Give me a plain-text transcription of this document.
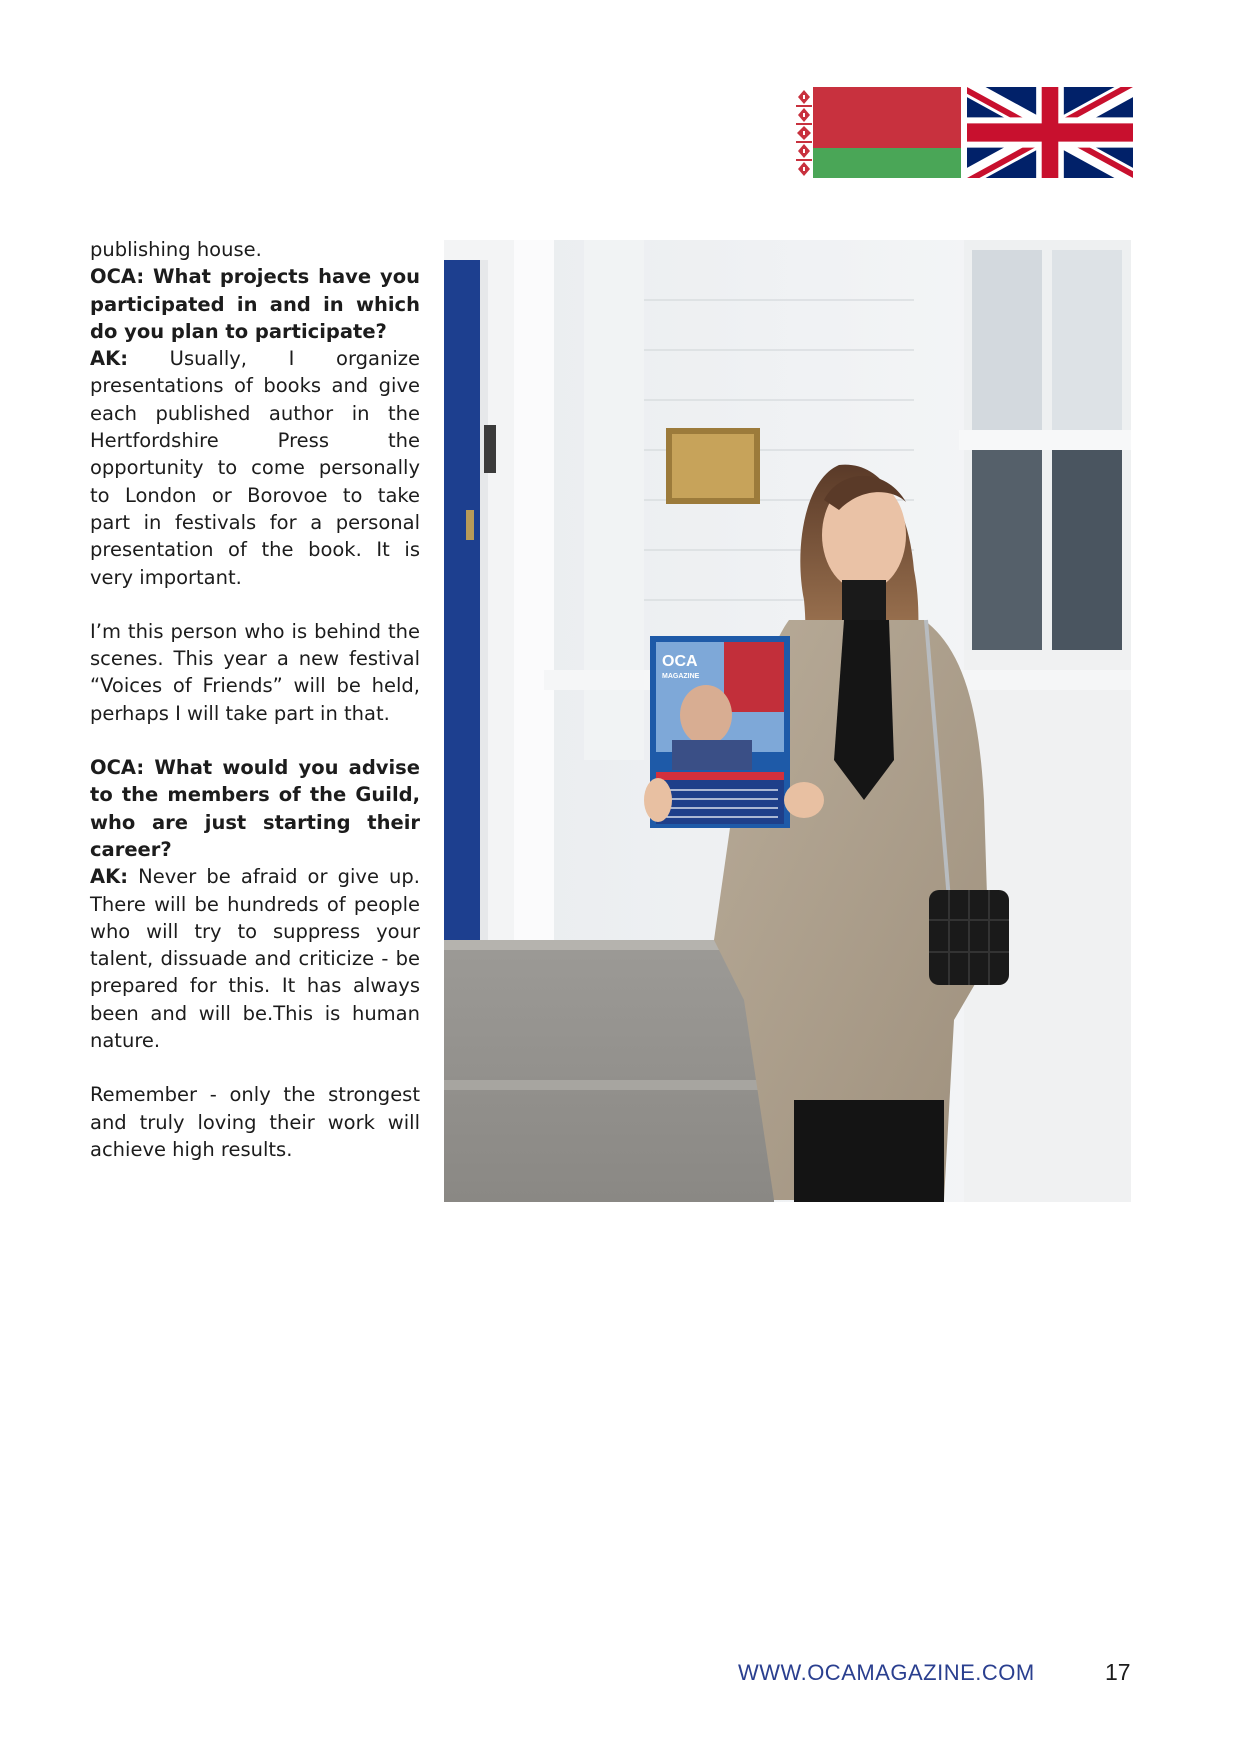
publishing house.

OCA: What projects have you participated in and in which do you plan to participate?

AK: Usually, I organize presentations of books and give each published author in the Hertfordshire Press the opportunity to come personally to London or Borovoe to take part in festivals for a personal presentation of the book. It is very important.

I’m this person who is behind the scenes. This year a new festival “Voices of Friends” will be held, perhaps I will take part in that.

OCA: What would you advise to the members of the Guild, who are just starting their career?

AK: Never be afraid or give up. There will be hundreds of people who will try to suppress your talent, dissuade and criticize - be prepared for this. It has always been and will be.This is human nature.

Remember - only the strongest and truly loving their work will achieve high results.

OCA
MAGAZINE
WWW.OCAMAGAZINE.COM	17
